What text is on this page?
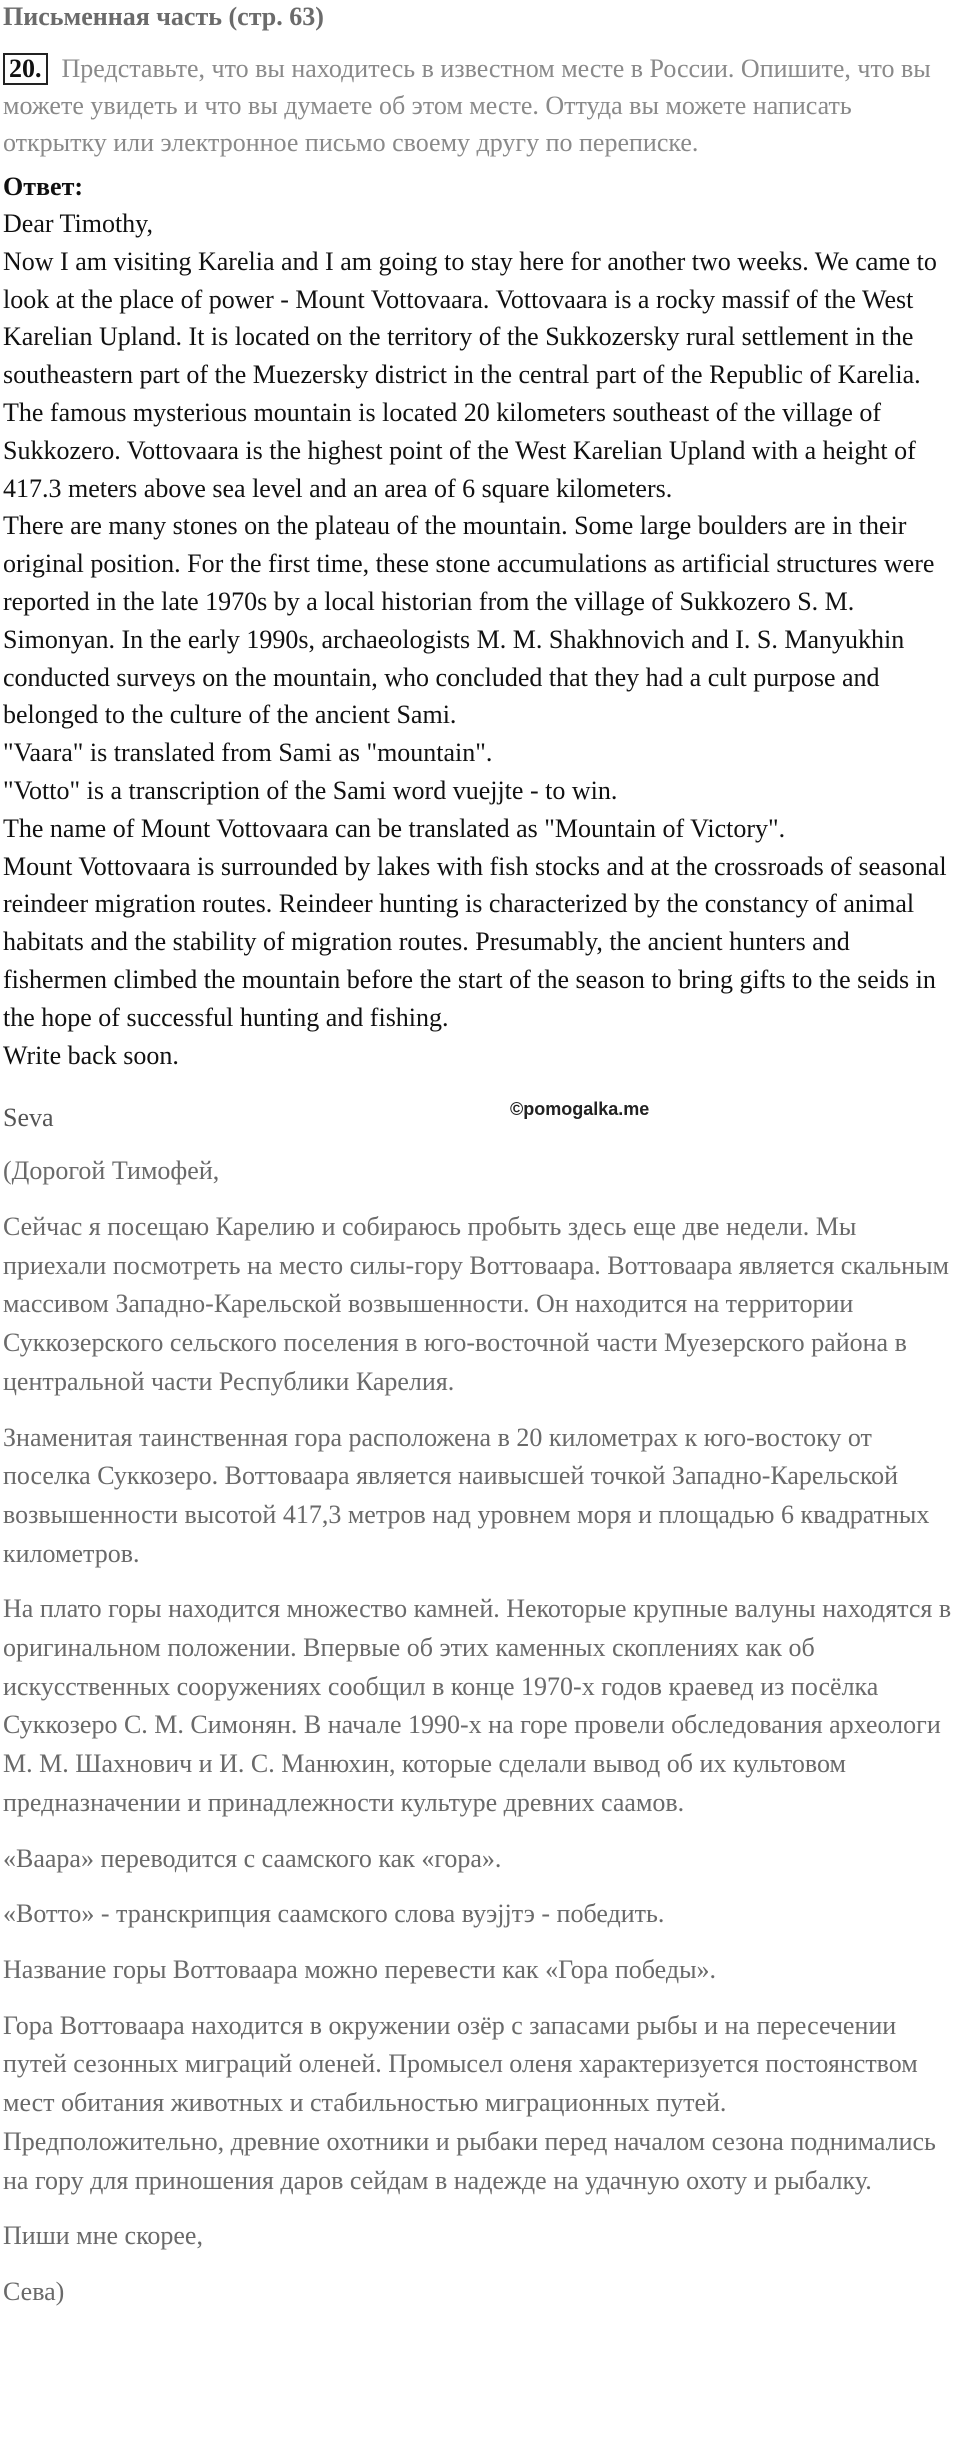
Письменная часть (стр. 63)
20. Представьте, что вы находитесь в известном месте в России. Опишите, что вы можете увидеть и что вы думаете об этом месте. Оттуда вы можете написать открытку или электронное письмо своему другу по переписке.
Ответ:

Dear Timothy,

Now I am visiting Karelia and I am going to stay here for another two weeks. We came to look at the place of power - Mount Vottovaara. Vottovaara is a rocky massif of the West Karelian Upland. It is located on the territory of the Sukkozersky rural settlement in the southeastern part of the Muezersky district in the central part of the Republic of Karelia.

The famous mysterious mountain is located 20 kilometers southeast of the village of Sukkozero. Vottovaara is the highest point of the West Karelian Upland with a height of 417.3 meters above sea level and an area of 6 square kilometers.

There are many stones on the plateau of the mountain. Some large boulders are in their original position. For the first time, these stone accumulations as artificial structures were reported in the late 1970s by a local historian from the village of Sukkozero S. M. Simonyan. In the early 1990s, archaeologists M. M. Shakhnovich and I. S. Manyukhin conducted surveys on the mountain, who concluded that they had a cult purpose and belonged to the culture of the ancient Sami.

"Vaara" is translated from Sami as "mountain".

"Votto" is a transcription of the Sami word vuejjte - to win.

The name of Mount Vottovaara can be translated as "Mountain of Victory".

Mount Vottovaara is surrounded by lakes with fish stocks and at the crossroads of seasonal reindeer migration routes. Reindeer hunting is characterized by the constancy of animal habitats and the stability of migration routes. Presumably, the ancient hunters and fishermen climbed the mountain before the start of the season to bring gifts to the seids in the hope of successful hunting and fishing.

Write back soon.

Seva

(Дорогой Тимофей,

Сейчас я посещаю Карелию и собираюсь пробыть здесь еще две недели. Мы приехали посмотреть на место силы-гору Воттоваара. Воттоваара является скальным массивом Западно-Карельской возвышенности. Он находится на территории Суккозерского сельского поселения в юго-восточной части Муезерского района в центральной части Республики Карелия.

Знаменитая таинственная гора расположена в 20 километрах к юго-востоку от поселка Суккозеро. Воттоваара является наивысшей точкой Западно-Карельской возвышенности высотой 417,3 метров над уровнем моря и площадью 6 квадратных километров.

На плато горы находится множество камней. Некоторые крупные валуны находятся в оригинальном положении. Впервые об этих каменных скоплениях как об искусственных сооружениях сообщил в конце 1970-х годов краевед из посёлка Суккозеро С. М. Симонян. В начале 1990-х на горе провели обследования археологи М. М. Шахнович и И. С. Манюхин, которые сделали вывод об их культовом предназначении и принадлежности культуре древних саамов.

«Ваара» переводится с саамского как «гора».

«Вотто» - транскрипция саамского слова вуэјјтэ - победить.

Название горы Воттоваара можно перевести как «Гора победы».

Гора Воттоваара находится в окружении озёр с запасами рыбы и на пересечении путей сезонных миграций оленей. Промысел оленя характеризуется постоянством мест обитания животных и стабильностью миграционных путей. Предположительно, древние охотники и рыбаки перед началом сезона поднимались на гору для приношения даров сейдам в надежде на удачную охоту и рыбалку.

Пиши мне скорее,

Сева)

©pomogalka.me
